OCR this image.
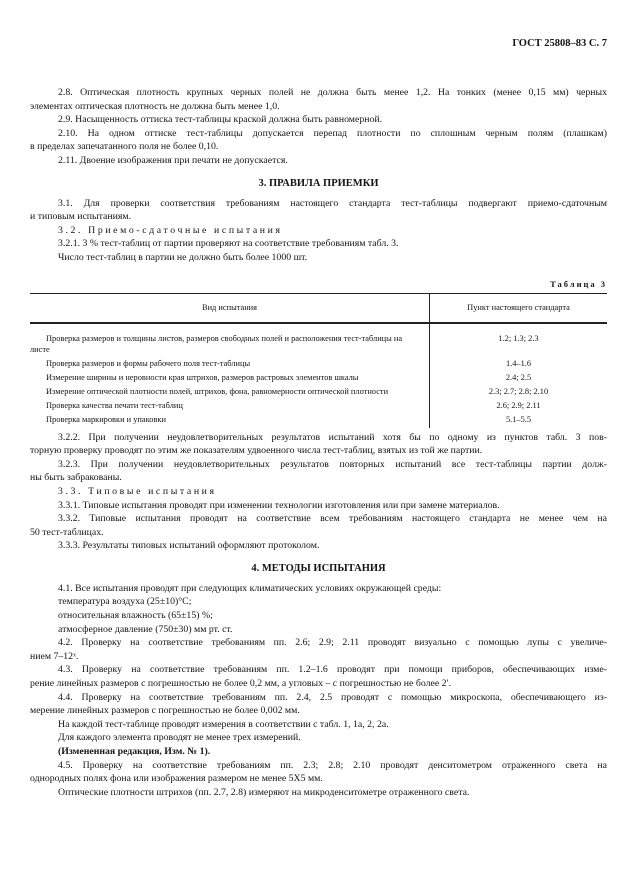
ГОСТ 25808–83 С. 7
2.8. Оптическая плотность крупных черных полей не должна быть менее 1,2. На тонких (менее 0,15 мм) черных
элементах оптическая плотность не должна быть менее 1,0.
2.9. Насыщенность оттиска тест-таблицы краской должна быть равномерной.
2.10. На одном оттиске тест-таблицы допускается перепад плотности по сплошным черным полям (плашкам)
в пределах запечатанного поля не более 0,10.
2.11. Двоение изображения при печати не допускается.
3. ПРАВИЛА ПРИЕМКИ
3.1. Для проверки соответствия требованиям настоящего стандарта тест-таблицы подвергают приемо-сдаточным
и типовым испытаниям.
3.2. Приемо-сдаточные испытания
3.2.1. 3 % тест-таблиц от партии проверяют на соответствие требованиям табл. 3.
Число тест-таблиц в партии не должно быть более 1000 шт.
Таблица 3
Вид испытания	Пункт настоящего стандарта
Проверка размеров и толщины листов, размеров свободных полей и расположения тест-таблицы на листе	1.2; 1.3; 2.3
Проверка размеров и формы рабочего поля тест-таблицы	1.4–1.6
Измерение ширины и неровности края штрихов, размеров растровых элементов шкалы	2.4; 2.5
Измерение оптической плотности полей, штрихов, фона, равномерности оптической плотности	2.3; 2.7; 2.8; 2.10
Проверка качества печати тест-таблиц	2.6; 2.9; 2.11
Проверка маркировки и упаковки	5.1–5.5
3.2.2. При получении неудовлетворительных результатов испытаний хотя бы по одному из пунктов табл. 3 пов-
торную проверку проводят по этим же показателям удвоенного числа тест-таблиц, взятых из той же партии.
3.2.3. При получении неудовлетворительных результатов повторных испытаний все тест-таблицы партии долж-
ны быть забракованы.
3.3. Типовые испытания
3.3.1. Типовые испытания проводят при изменении технологии изготовления или при замене материалов.
3.3.2. Типовые испытания проводят на соответствие всем требованиям настоящего стандарта не менее чем на
50 тест-таблицах.
3.3.3. Результаты типовых испытаний оформляют протоколом.
4. МЕТОДЫ ИСПЫТАНИЯ
4.1. Все испытания проводят при следующих климатических условиях окружающей среды:
температура воздуха (25±10)°С;
относительная влажность (65±15) %;
атмосферное давление (750±30) мм рт. ст.
4.2. Проверку на соответствие требованиям пп. 2.6; 2.9; 2.11 проводят визуально с помощью лупы с увеличе-
нием 7–12ˣ.
4.3. Проверку на соответствие требованиям пп. 1.2–1.6 проводят при помощи приборов, обеспечивающих изме-
рение линейных размеров с погрешностью не более 0,2 мм, а угловых – с погрешностью не более 2′.
4.4. Проверку на соответствие требованиям пп. 2.4, 2.5 проводят с помощью микроскопа, обеспечивающего из-
мерение линейных размеров с погрешностью не более 0,002 мм.
На каждой тест-таблице проводят измерения в соответствии с табл. 1, 1а, 2, 2а.
Для каждого элемента проводят не менее трех измерений.
(Измененная редакция, Изм. № 1).
4.5. Проверку на соответствие требованиям пп. 2.3; 2.8; 2.10 проводят денситометром отраженного света на
однородных полях фона или изображения размером не менее 5Х5 мм.
Оптические плотности штрихов (пп. 2.7, 2.8) измеряют на микроденситометре отраженного света.
